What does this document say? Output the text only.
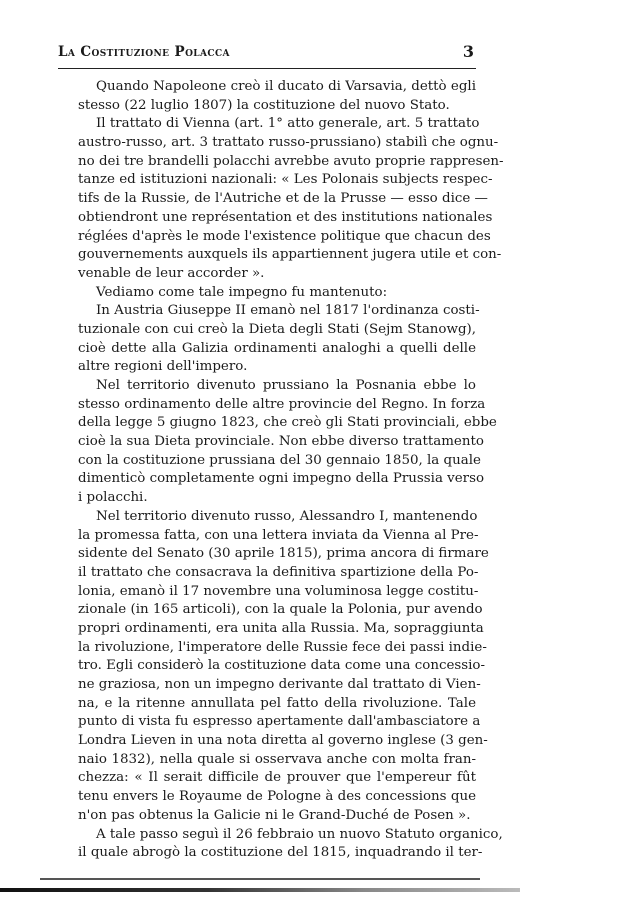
La Costituzione Polacca	3
Quando Napoleone creò il ducato di Varsavia, dettò egli
stesso (22 luglio 1807) la costituzione del nuovo Stato.
Il trattato di Vienna (art. 1° atto generale, art. 5 trattato
austro-russo, art. 3 trattato russo-prussiano) stabilì che ognu-
no dei tre brandelli polacchi avrebbe avuto proprie rappresen-
tanze ed istituzioni nazionali: « Les Polonais subjects respec-
tifs de la Russie, de l'Autriche et de la Prusse — esso dice —
obtiendront une représentation et des institutions nationales
réglées d'après le mode l'existence politique que chacun des
gouvernements auxquels ils appartiennent jugera utile et con-
venable de leur accorder ».
Vediamo come tale impegno fu mantenuto:
In Austria Giuseppe II emanò nel 1817 l'ordinanza costi-
tuzionale con cui creò la Dieta degli Stati (Sejm Stanowg),
cioè dette alla Galizia ordinamenti analoghi a quelli delle
altre regioni dell'impero.
Nel territorio divenuto prussiano la Posnania ebbe lo
stesso ordinamento delle altre provincie del Regno. In forza
della legge 5 giugno 1823, che creò gli Stati provinciali, ebbe
cioè la sua Dieta provinciale. Non ebbe diverso trattamento
con la costituzione prussiana del 30 gennaio 1850, la quale
dimenticò completamente ogni impegno della Prussia verso
i polacchi.
Nel territorio divenuto russo, Alessandro I, mantenendo
la promessa fatta, con una lettera inviata da Vienna al Pre-
sidente del Senato (30 aprile 1815), prima ancora di firmare
il trattato che consacrava la definitiva spartizione della Po-
lonia, emanò il 17 novembre una voluminosa legge costitu-
zionale (in 165 articoli), con la quale la Polonia, pur avendo
propri ordinamenti, era unita alla Russia. Ma, sopraggiunta
la rivoluzione, l'imperatore delle Russie fece dei passi indie-
tro. Egli considerò la costituzione data come una concessio-
ne graziosa, non un impegno derivante dal trattato di Vien-
na, e la ritenne annullata pel fatto della rivoluzione. Tale
punto di vista fu espresso apertamente dall'ambasciatore a
Londra Lieven in una nota diretta al governo inglese (3 gen-
naio 1832), nella quale si osservava anche con molta fran-
chezza: « Il serait difficile de prouver que l'empereur fût
tenu envers le Royaume de Pologne à des concessions que
n'on pas obtenus la Galicie ni le Grand-Duché de Posen ».
A tale passo seguì il 26 febbraio un nuovo Statuto organico,
il quale abrogò la costituzione del 1815, inquadrando il ter-
